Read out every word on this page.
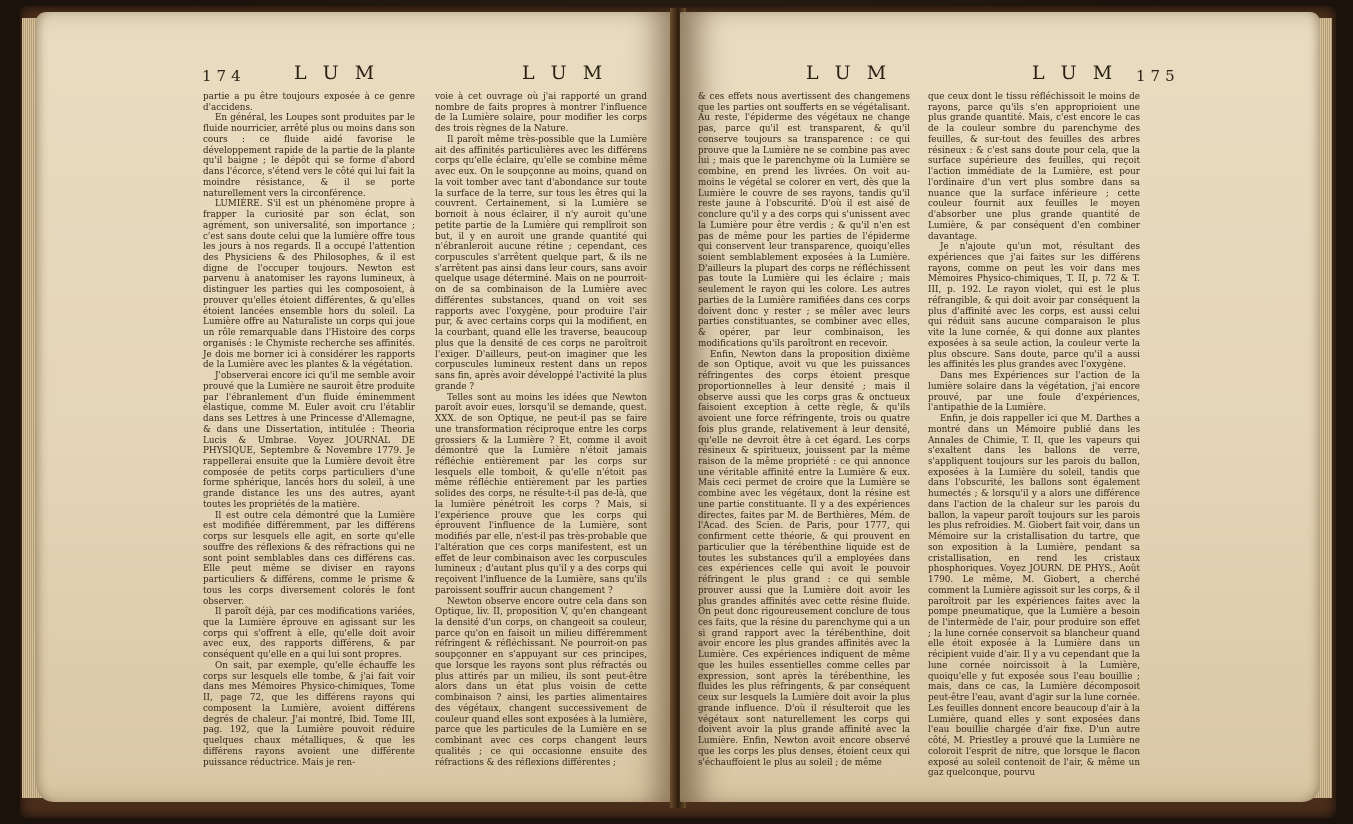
174	L U M	L U M

partie a pu être toujours exposée à ce genre d'accidens.

En général, les Loupes sont produites par le fluide nourricier, arrêté plus ou moins dans son cours : ce fluide aidé favorise le développement rapide de la partie de la plante qu'il baigne ; le dépôt qui se forme d'abord dans l'écorce, s'étend vers le côté qui lui fait la moindre résistance, & il se porte naturellement vers la circonférence.

LUMIÈRE. S'il est un phénomène propre à frapper la curiosité par son éclat, son agrément, son universalité, son importance ; c'est sans doute celui que la lumière offre tous les jours à nos regards. Il a occupé l'attention des Physiciens & des Philosophes, & il est digne de l'occuper toujours. Newton est parvenu à anatomiser les rayons lumineux, à distinguer les parties qui les composoient, à prouver qu'elles étoient différentes, & qu'elles étoient lancées ensemble hors du soleil. La Lumière offre au Naturaliste un corps qui joue un rôle remarquable dans l'Histoire des corps organisés : le Chymiste recherche ses affinités. Je dois me borner ici à considérer les rapports de la Lumière avec les plantes & la végétation.

J'observerai encore ici qu'il me semble avoir prouvé que la Lumière ne sauroit être produite par l'ébranlement d'un fluide éminemment élastique, comme M. Euler avoit cru l'établir dans ses Lettres à une Princesse d'Allemagne, & dans une Dissertation, intitulée : Theoria Lucis & Umbrae. Voyez JOURNAL DE PHYSIQUE, Septembre & Novembre 1779. Je rappellerai ensuite que la Lumière devoit être composée de petits corps particuliers d'une forme sphérique, lancés hors du soleil, à une grande distance les uns des autres, ayant toutes les propriétés de la matière.

Il est outre cela démontré que la Lumière est modifiée différemment, par les différens corps sur lesquels elle agit, en sorte qu'elle souffre des réflexions & des réfractions qui ne sont point semblables dans ces différens cas. Elle peut même se diviser en rayons particuliers & différens, comme le prisme & tous les corps diversement colorés le font observer.

Il paroît déjà, par ces modifications variées, que la Lumière éprouve en agissant sur les corps qui s'offrent à elle, qu'elle doit avoir avec eux, des rapports différens, & par conséquent qu'elle en a qui lui sont propres.

On sait, par exemple, qu'elle échauffe les corps sur lesquels elle tombe, & j'ai fait voir dans mes Mémoires Physico-chimiques, Tome II, page 72, que les différens rayons qui composent la Lumière, avoient différens degrés de chaleur. J'ai montré, Ibid. Tome III, pag. 192, que la Lumière pouvoit réduire quelques chaux métalliques, & que les différens rayons avoient une différente puissance réductrice. Mais je ren-

voie à cet ouvrage où j'ai rapporté un grand nombre de faits propres à montrer l'influence de la Lumière solaire, pour modifier les corps des trois règnes de la Nature.

Il paroît même très-possible que la Lumière ait des affinités particulières avec les différens corps qu'elle éclaire, qu'elle se combine même avec eux. On le soupçonne au moins, quand on la voit tomber avec tant d'abondance sur toute la surface de la terre, sur tous les êtres qui la couvrent. Certainement, si la Lumière se bornoit à nous éclairer, il n'y auroit qu'une petite partie de la Lumière qui remplîroit son but, il y en auroit une grande quantité qui n'ébranleroit aucune rétine ; cependant, ces corpuscules s'arrêtent quelque part, & ils ne s'arrêtent pas ainsi dans leur cours, sans avoir quelque usage déterminé. Mais on ne pourroit-on de sa combinaison de la Lumière avec différentes substances, quand on voit ses rapports avec l'oxygène, pour produire l'air pur, & avec certains corps qui la modifient, en la courbant, quand elle les traverse, beaucoup plus que la densité de ces corps ne paroîtroit l'exiger. D'ailleurs, peut-on imaginer que les corpuscules lumineux restent dans un repos sans fin, après avoir développé l'activité la plus grande ?

Telles sont au moins les idées que Newton paroît avoir eues, lorsqu'il se demande, quest. XXX. de son Optique, ne peut-il pas se faire une transformation réciproque entre les corps grossiers & la Lumière ? Et, comme il avoit démontré que la Lumière n'étoit jamais réfléchie entièrement par les corps sur lesquels elle tomboit, & qu'elle n'étoit pas même réfléchie entièrement par les parties solides des corps, ne résulte-t-il pas de-là, que la lumière pénétroit les corps ? Mais, si l'expérience prouve que les corps qui éprouvent l'influence de la Lumière, sont modifiés par elle, n'est-il pas très-probable que l'altération que ces corps manifestent, est un effet de leur combinaison avec les corpuscules lumineux ; d'autant plus qu'il y a des corps qui reçoivent l'influence de la Lumière, sans qu'ils paroissent souffrir aucun changement ?

Newton observe encore outre cela dans son Optique, liv. II, proposition V, qu'en changeant la densité d'un corps, on changeoit sa couleur, parce qu'on en faisoit un milieu différemment réfringent & réfléchissant. Ne pourroit-on pas soupçonner en s'appuyant sur ces principes, que lorsque les rayons sont plus réfractés ou plus attirés par un milieu, ils sont peut-être alors dans un état plus voisin de cette combinaison ? ainsi, les parties alimentaires des végétaux, changent successivement de couleur quand elles sont exposées à la lumière, parce que les particules de la Lumière en se combinant avec ces corps changent leurs qualités ; ce qui occasionne ensuite des réfractions & des réflexions différentes ;

L U M	L U M 175

& ces effets nous avertissent des changemens que les parties ont soufferts en se végétalisant. Au reste, l'épiderme des végétaux ne change pas, parce qu'il est transparent, & qu'il conserve toujours sa transparence : ce qui prouve que la Lumière ne se combine pas avec lui ; mais que le parenchyme où la Lumière se combine, en prend les livrées. On voit au-moins le végétal se colorer en vert, dès que la Lumière le couvre de ses rayons, tandis qu'il reste jaune à l'obscurité. D'où il est aisé de conclure qu'il y a des corps qui s'unissent avec la Lumière pour être verdis ; & qu'il n'en est pas de même pour les parties de l'épiderme qui conservent leur transparence, quoiqu'elles soient semblablement exposées à la Lumière. D'ailleurs la plupart des corps ne réfléchissent pas toute la Lumière qui les éclaire ; mais seulement le rayon qui les colore. Les autres parties de la Lumière ramifiées dans ces corps doivent donc y rester ; se mêler avec leurs parties constituantes, se combiner avec elles, & opérer, par leur combinaison, les modifications qu'ils paroîtront en recevoir.

Enfin, Newton dans la proposition dixième de son Optique, avoit vu que les puissances réfringentes des corps étoient presque proportionnelles à leur densité ; mais il observe aussi que les corps gras & onctueux faisoient exception à cette règle, & qu'ils avoient une force réfringente, trois ou quatre fois plus grande, relativement à leur densité, qu'elle ne devroit être à cet égard. Les corps résineux & spiritueux, jouissent par la même raison de la même propriété : ce qui annonce une véritable affinité entre la Lumière & eux. Mais ceci permet de croire que la Lumière se combine avec les végétaux, dont la résine est une partie constituante. Il y a des expériences directes, faites par M. de Berthières, Mém. de l'Acad. des Scien. de Paris, pour 1777, qui confirment cette théorie, & qui prouvent en particulier que la térébenthine liquide est de toutes les substances qu'il a employées dans ces expériences celle qui avoit le pouvoir réfringent le plus grand : ce qui semble prouver aussi que la Lumière doit avoir les plus grandes affinités avec cette résine fluide. On peut donc rigoureusement conclure de tous ces faits, que la résine du parenchyme qui a un si grand rapport avec la térébenthine, doit avoir encore les plus grandes affinités avec la Lumière. Ces expériences indiquent de même que les huiles essentielles comme celles par expression, sont après la térébenthine, les fluides les plus réfringents, & par conséquent ceux sur lesquels la Lumière doit avoir la plus grande influence. D'où il résulteroit que les végétaux sont naturellement les corps qui doivent avoir la plus grande affinité avec la Lumière. Enfin, Newton avoit encore observé que les corps les plus denses, étoient ceux qui s'échauffoient le plus au soleil ; de même

que ceux dont le tissu réfléchissoit le moins de rayons, parce qu'ils s'en approprioient une plus grande quantité. Mais, c'est encore le cas de la couleur sombre du parenchyme des feuilles, & sur-tout des feuilles des arbres résineux : & c'est sans doute pour cela, que la surface supérieure des feuilles, qui reçoit l'action immédiate de la Lumière, est pour l'ordinaire d'un vert plus sombre dans sa nuance que la surface inférieure ; cette couleur fournit aux feuilles le moyen d'absorber une plus grande quantité de Lumière, & par conséquent d'en combiner davantage.

Je n'ajoute qu'un mot, résultant des expériences que j'ai faites sur les différens rayons, comme on peut les voir dans mes Mémoires Physico-chimiques, T. II, p. 72 & T. III, p. 192. Le rayon violet, qui est le plus réfrangible, & qui doit avoir par conséquent la plus d'affinité avec les corps, est aussi celui qui réduit sans aucune comparaison le plus vite la lune cornée, & qui donne aux plantes exposées à sa seule action, la couleur verte la plus obscure. Sans doute, parce qu'il a aussi les affinités les plus grandes avec l'oxygène.

Dans mes Expériences sur l'action de la lumière solaire dans la végétation, j'ai encore prouvé, par une foule d'expériences, l'antipathie de la Lumière.

Enfin, je dois rappeller ici que M. Darthes a montré dans un Mémoire publié dans les Annales de Chimie, T. II, que les vapeurs qui s'exaltent dans les ballons de verre, s'appliquent toujours sur les parois du ballon, exposées à la Lumière du soleil, tandis que dans l'obscurité, les ballons sont également humectés ; & lorsqu'il y a alors une différence dans l'action de la chaleur sur les parois du ballon, la vapeur paroît toujours sur les parois les plus refroidies. M. Giobert fait voir, dans un Mémoire sur la cristallisation du tartre, que son exposition à la Lumière, pendant sa cristallisation, en rend les cristaux phosphoriques. Voyez JOURN. DE PHYS., Août 1790. Le même, M. Giobert, a cherché comment la Lumière agissoit sur les corps, & il paroîtroit par les expériences faites avec la pompe pneumatique, que la Lumière a besoin de l'intermède de l'air, pour produire son effet ; la lune cornée conservoit sa blancheur quand elle étoit exposée à la Lumière dans un récipient vuide d'air. Il y a vu cependant que la lune cornée noircissoit à la Lumière, quoiqu'elle y fut exposée sous l'eau bouillie ; mais, dans ce cas, la Lumière décomposoit peut-être l'eau, avant d'agir sur la lune cornée. Les feuilles donnent encore beaucoup d'air à la Lumière, quand elles y sont exposées dans l'eau bouillie chargée d'air fixe. D'un autre côté, M. Priestley a prouvé que la Lumière ne coloroit l'esprit de nitre, que lorsque le flacon exposé au soleil contenoit de l'air, & même un gaz quelconque, pourvu
